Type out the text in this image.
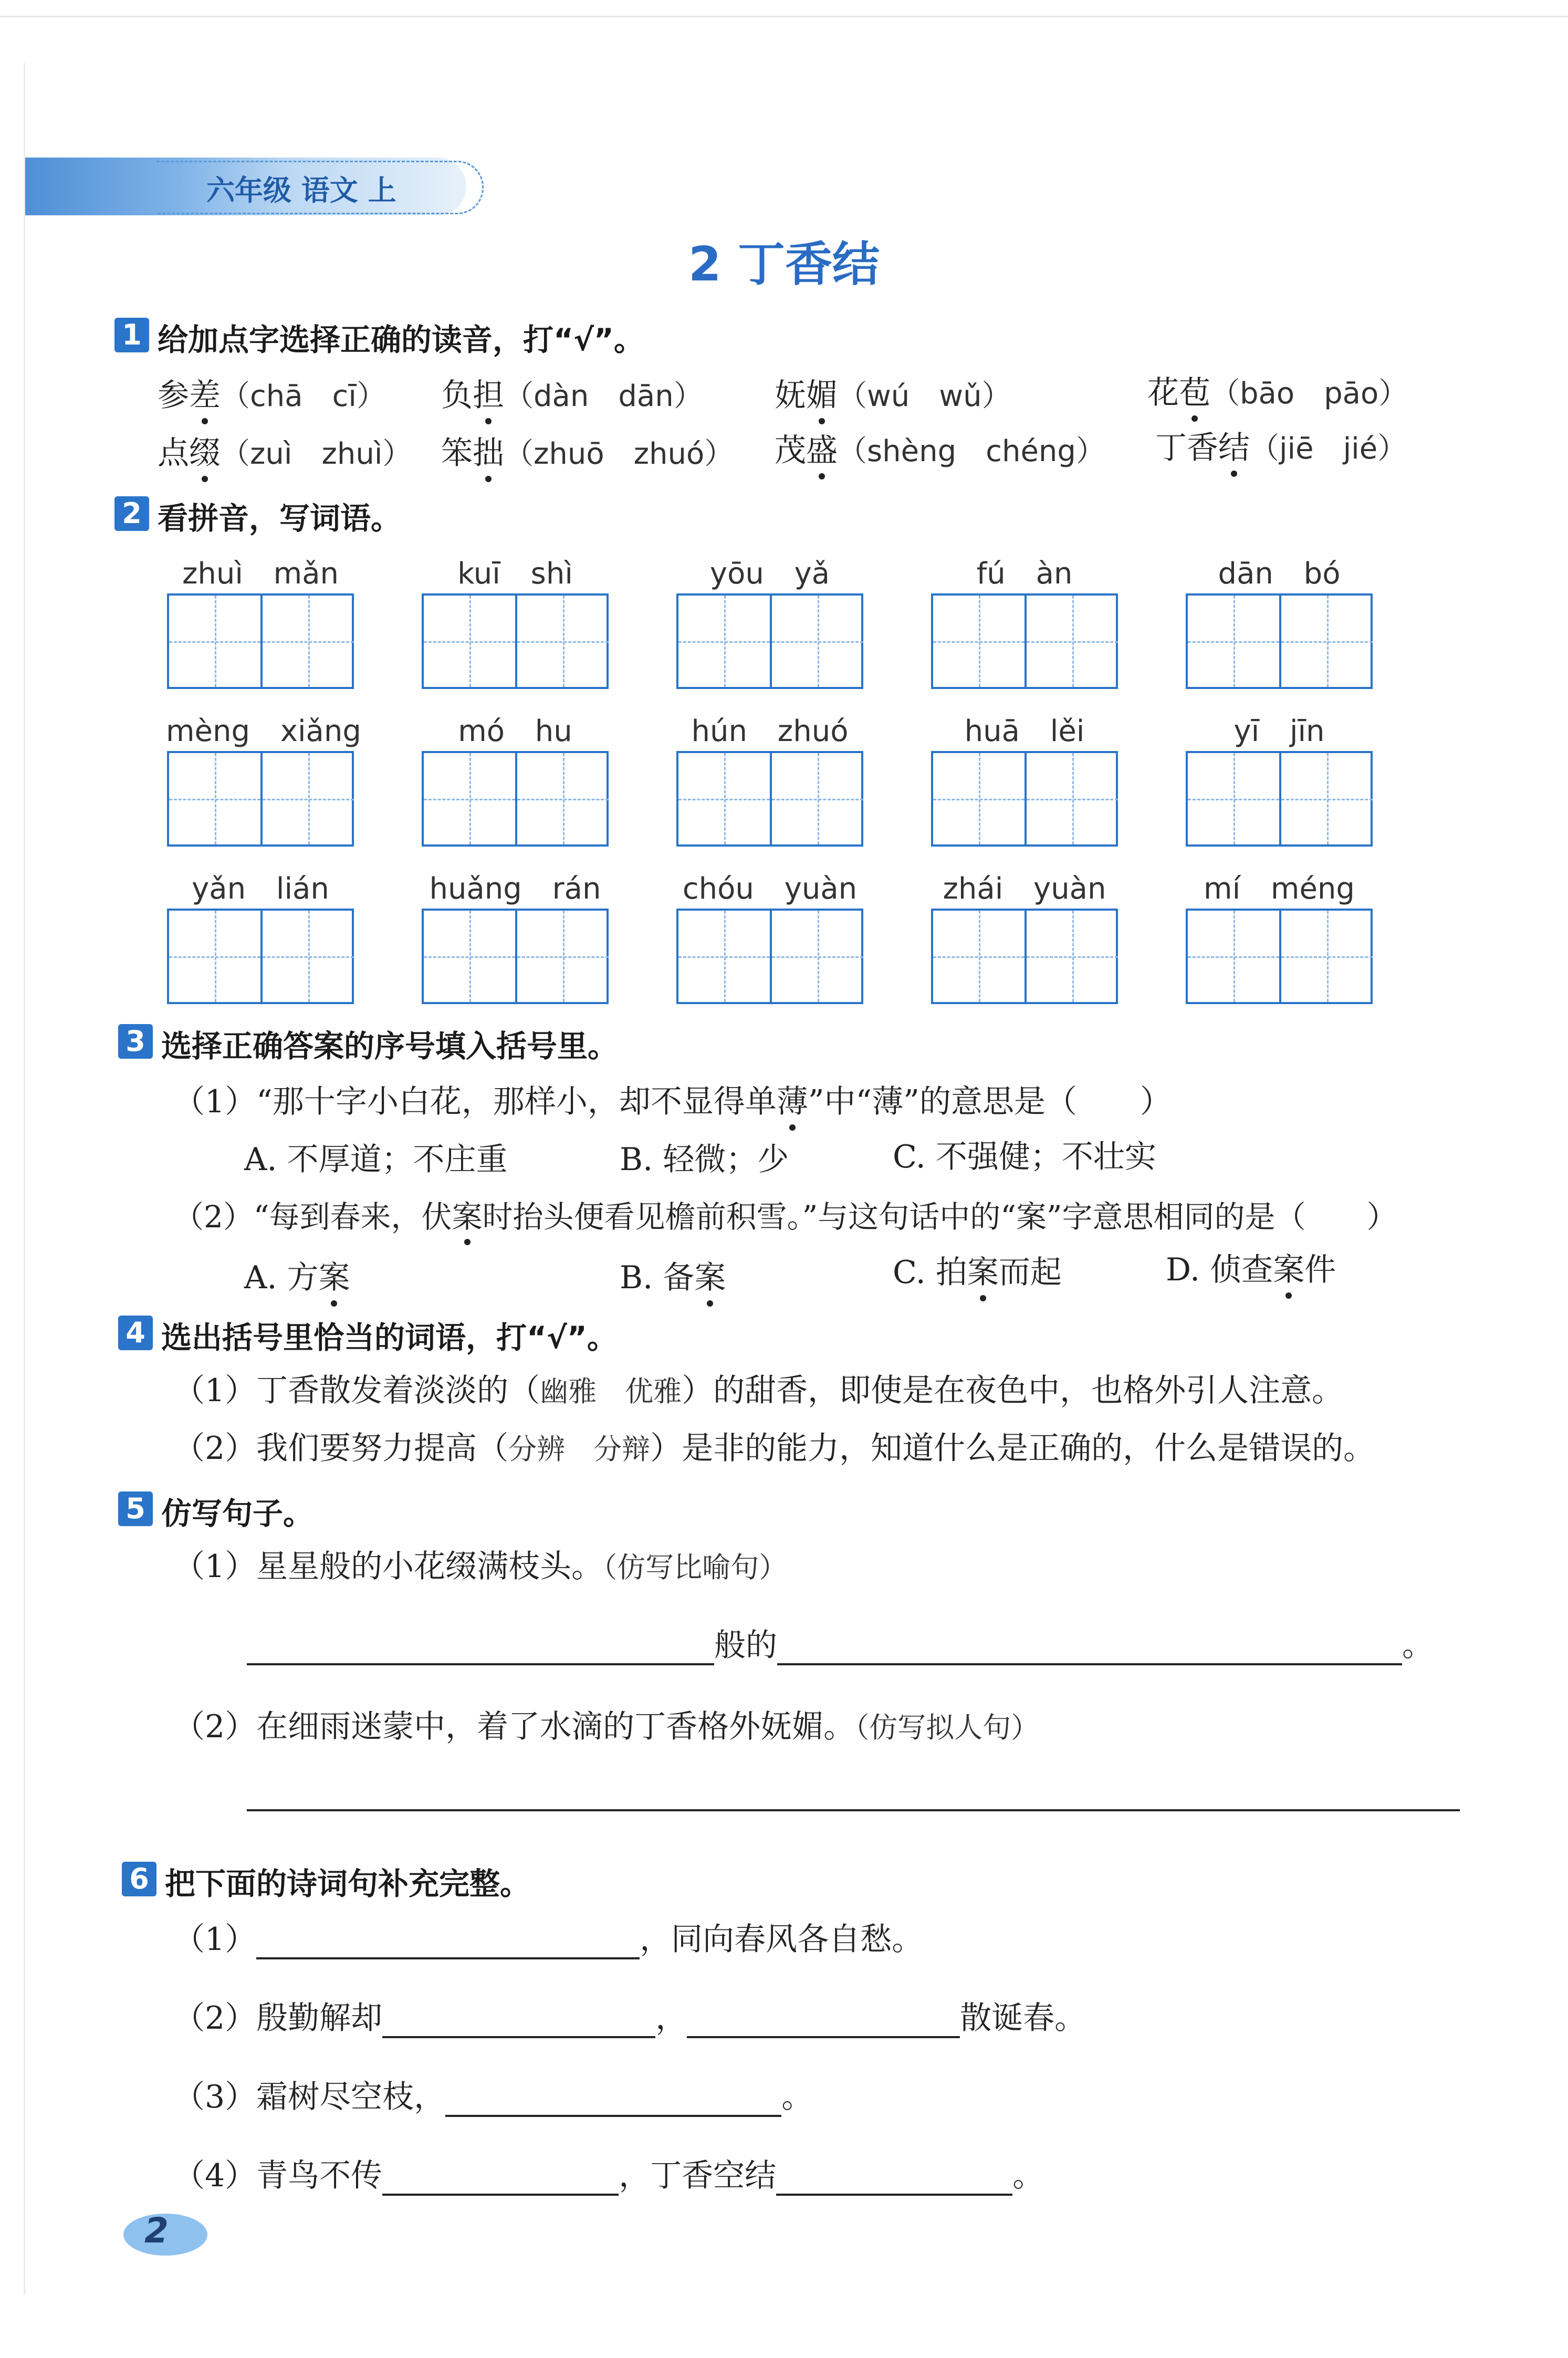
六年级 语文 上
2 丁香结
1 给加点字选择正确的读音，打“√”。
参差（chā　cī） 负担（dàn　dān） 妩媚（wú　wǔ）	花苞（bāo　pāo）
点缀（zuì　zhuì） 笨拙（zhuō　zhuó） 茂盛（shèng　chéng） 丁香结（jiē　jié）
2 看拼音，写词语。
zhuì mǎn	kuī shì	yōu yǎ	fú àn	dān bó
mèng xiǎng	mó hu	hún zhuó	huā lěi	yī jīn
yǎn lián	huǎng rán	chóu yuàn	zhái yuàn	mí méng
3 选择正确答案的序号填入括号里。
（1）“那十字小白花，那样小，却不显得单薄”中“薄”的意思是（　　）
A. 不厚道；不庄重	B. 轻微；少	C. 不强健；不壮实
（2）“每到春来，伏案时抬头便看见檐前积雪。”与这句话中的“案”字意思相同的是（　　）
A. 方案	B. 备案	C. 拍案而起	D. 侦查案件
4 选出括号里恰当的词语，打“√”。
（1）丁香散发着淡淡的（幽雅　优雅）的甜香，即使是在夜色中，也格外引人注意。
（2）我们要努力提高（分辨　分辩）是非的能力，知道什么是正确的，什么是错误的。
5 仿写句子。
（1）星星般的小花缀满枝头。（仿写比喻句）
般的	。
（2）在细雨迷蒙中，着了水滴的丁香格外妩媚。（仿写拟人句）
6 把下面的诗词句补充完整。
（1）	，同向春风各自愁。
（2）殷勤解却	，	散诞春。
（3）霜树尽空枝，	。
（4）青鸟不传	，丁香空结	。
2
